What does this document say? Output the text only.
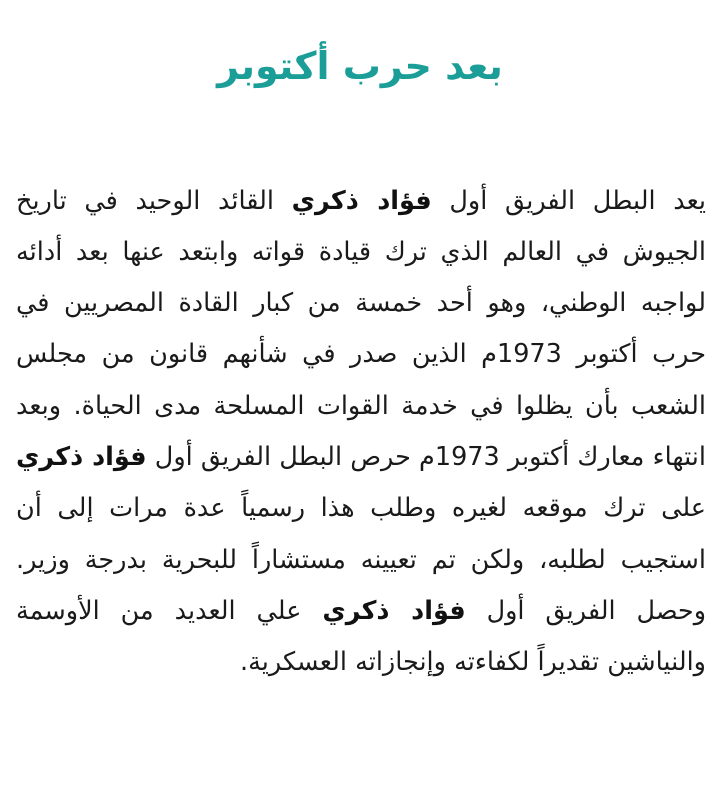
بعد حرب أكتوبر

يعد البطل الفريق أول فؤاد ذكري القائد الوحيد في تاريخ الجيوش في العالم الذي ترك قيادة قواته وابتعد عنها بعد أدائه لواجبه الوطني، وهو أحد خمسة من كبار القادة المصريين في حرب أكتوبر 1973م الذين صدر في شأنهم قانون من مجلس الشعب بأن يظلوا في خدمة القوات المسلحة مدى الحياة. وبعد انتهاء معارك أكتوبر 1973م حرص البطل الفريق أول فؤاد ذكري على ترك موقعه لغيره وطلب هذا رسمياً عدة مرات إلى أن استجيب لطلبه، ولكن تم تعيينه مستشاراً للبحرية بدرجة وزير. وحصل الفريق أول فؤاد ذكري علي العديد من الأوسمة والنياشين تقديراً لكفاءته وإنجازاته العسكرية.
